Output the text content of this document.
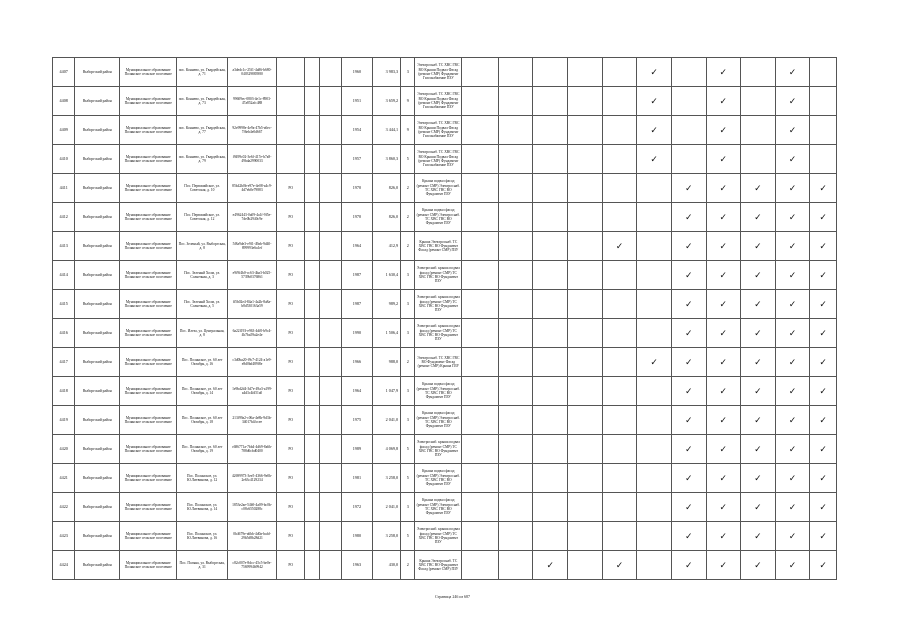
4407	Выборгский район	Муниципальное образование Полянское сельское поселение	пос. Коннево, ул. Гвардейская, д. 71	a3dedc1c-25f1-4a86-b680-040329883980				1960	3 983,3	3	Электроснаб. ТС ХВС ГВС ВО Крыши Подвал Фасад (ремонт СМР) Фундамент Газоснабжение ПЗУ						✓		✓		✓	
4408	Выборгский район	Муниципальное образование Полянское сельское поселение	пос. Коннево, ул. Гвардейская, д. 73	99609ec-0803-4e1c-8903-47a852afc488				1951	3 659,2	9	Электроснаб. ТС ХВС ГВС ВО Крыши Подвал Фасад (ремонт СМР) Фундамент Газоснабжение ПЗУ						✓		✓		✓	
4409	Выборгский район	Муниципальное образование Полянское сельское поселение	пос. Коннево, ул. Гвардейская, д. 77	92e9998e-4e9a-47b5-a6ec-7f6eb4e0d667				1954	3 444,1	9	Электроснаб. ТС ХВС ГВС ВО Крыши Подвал Фасад (ремонт СМР) Фундамент Газоснабжение ПЗУ						✓		✓		✓	
4410	Выборгский район	Муниципальное образование Полянское сельское поселение	пос. Коннево, ул. Гвардейская, д. 79	f9499c02-3e6f-417e-b7a8-49bda2990033				1957	3 860,3	5	Электроснаб. ТС ХВС ГВС ВО Крыши Подвал Фасад (ремонт СМР) Фундамент Газоснабжение ПЗУ						✓		✓		✓	
4411	Выборгский район	Муниципальное образование Полянское сельское поселение	Пос. Первомайское, ул. Советская, д. 10	85b42b0b-e97e-4e08-a4c9-4d7eb0e79883	РО			1970	826,0	2	Крыша подвал фасад (ремонт СМР) Электроснаб. ТС ХВС ГВС ВО Фундамент ПЗУ							✓	✓	✓	✓	✓
4412	Выборгский район	Муниципальное образование Полянское сельское поселение	Пос. Первомайское, ул. Советская, д. 12	e4962443-0a09-4a1f-9f5e-7de0b2940c9e	РО			1970	826,0	2	Крыша подвал фасад (ремонт СМР) Электроснаб. ТС ХВС ГВС ВО Фундамент ПЗУ							✓	✓	✓	✓	✓
4413	Выборгский район	Муниципальное образование Полянское сельское поселение	Пос. Зеленый, ул. Выборгская, д. 8	5f8a9de3-e9f1-49ab-9d40-899993e6a1ef	РО			1964	412,9	2	Крыша Электроснаб. ТС ХВС ГВС ВО Фундамент Фасад (ремонт СМР) ПЗУ					✓		✓	✓	✓	✓	✓
4414	Выборгский район	Муниципальное образование Полянское сельское поселение	Пос. Зеленый Холм, ул. Солнечная, д. 3	e9f9f4b0-cc63-4ba3-b025-5739b0376861	РО			1987	1 630,4	3	Электроснаб. крыша подвал фасад (ремонт СМР) ТС ХВС ГВС ВО Фундамент ПЗУ							✓	✓	✓	✓	✓
4415	Выборгский район	Муниципальное образование Полянское сельское поселение	Пос. Зеленый Холм, ул. Солнечная, д. 5	ff5b02e4-84a1-4a2b-8a8a-b8d530163a59	РО			1987	989,2	3	Электроснаб. крыша подвал фасад (ремонт СМР) ТС ХВС ГВС ВО Фундамент ПЗУ							✓	✓	✓	✓	✓
4416	Выборгский район	Муниципальное образование Полянское сельское поселение	Пос. Илеза, ул. Центральная, д. 8	6a22f193-e963-4df0-b9c4-4b7ba59a2e4e	РО			1990	1 506,4	3	Электроснаб. крыша подвал фасад (ремонт СМР) ТС ХВС ГВС ВО Фундамент ПЗУ							✓	✓	✓	✓	✓
4417	Выборгский район	Муниципальное образование Полянское сельское поселение	Пос. Полянское, ул. 60 лет Октября, д. 16	c3d0ba20-f9c7-4124-a1e9-e8d0bd489f8e	РО			1966	988,0	2	Электроснаб. ТС ХВС ГВС ВО Фундамент Фасад (ремонт СМР) Крыша ПЗУ						✓	✓	✓	✓	✓	✓
4418	Выборгский район	Муниципальное образование Полянское сельское поселение	Пос. Полянское, ул. 60 лет Октября, д. 14	1e9bd2d4-3d7e-49a3-a199-a4d3c4fd51a0	РО			1964	1 047,9	3	Крыша подвал фасад (ремонт СМР) Электроснаб. ТС ХВС ГВС ВО Фундамент ПЗУ							✓	✓	✓	✓	✓
4419	Выборгский район	Муниципальное образование Полянское сельское поселение	Пос. Полянское, ул. 60 лет Октября, д. 18	213f99a2-c06a-4e8b-9d3b-34017b4fccee	РО			1975	2 041,0	3	Крыша подвал фасад (ремонт СМР) Электроснаб. ТС ХВС ГВС ВО Фундамент ПЗУ							✓	✓	✓	✓	✓
4420	Выборгский район	Муниципальное образование Полянское сельское поселение	Пос. Полянское, ул. 60 лет Октября, д. 19	c686771a-7bb4-4d69-8a6b-788d6cbd0400	РО			1989	4 069,8	5	Электроснаб. крыша подвал фасад (ремонт СМР) ТС ХВС ГВС ВО Фундамент ПЗУ							✓	✓	✓	✓	✓
4421	Выборгский район	Муниципальное образование Полянское сельское поселение	Пос. Полянское, ул. Ю.Литвинова, д. 12	42699973-3ee5-4366-9e0b-2e63c4129234	РО			1981	3 258,0	5	Крыша подвал фасад (ремонт СМР) Электроснаб. ТС ХВС ГВС ВО Фундамент ПЗУ							✓	✓	✓	✓	✓
4422	Выборгский район	Муниципальное образование Полянское сельское поселение	Пос. Полянское, ул. Ю.Литвинова, д. 14	1853e2ae-54b9-4a09-bc0b-c08c6550288c	РО			1972	2 041,0	3	Крыша подвал фасад (ремонт СМР) Электроснаб. ТС ХВС ГВС ВО Фундамент ПЗУ							✓	✓	✓	✓	✓
4423	Выборгский район	Муниципальное образование Полянское сельское поселение	Пос. Полянское, ул. Ю.Литвинова, д. 16	0b4679e-a6bb-4d0a-bafd-29b5d8b28d21	РО			1980	3 258,0	5	Электроснаб. крыша подвал фасад (ремонт СМР) ТС ХВС ГВС ВО Фундамент ПЗУ							✓	✓	✓	✓	✓
4424	Выборгский район	Муниципальное образование Полянское сельское поселение	Пос. Поляна, ул. Выборгская, д. 31	c82c007e-8dcc-45c5-be0e-7569994b9942	РО			1963	430,0	2	Крыша Электроснаб. ТС ХВС ГВС ВО Фундамент Фасад (ремонт СМР) ПЗУ			✓		✓		✓	✓	✓	✓	✓
Страница 246 из 687
